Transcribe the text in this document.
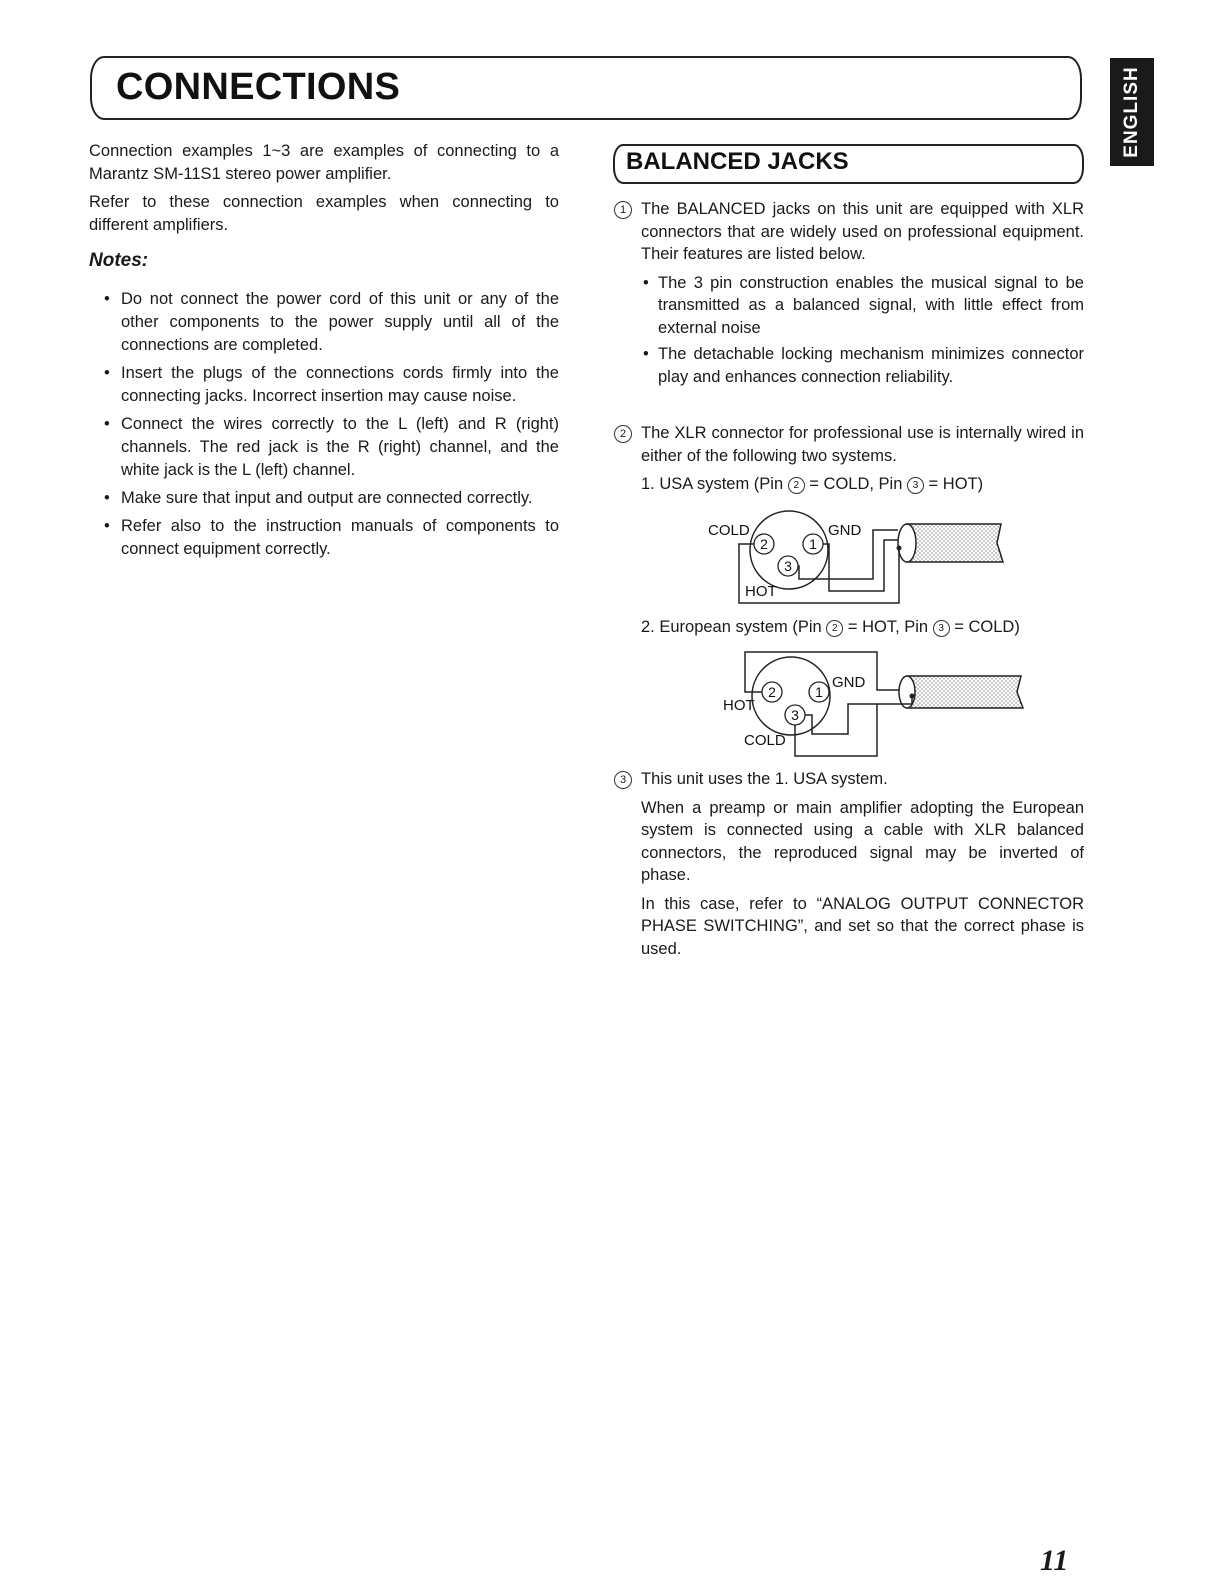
CONNECTIONS	ENGLISH

Connection examples 1~3 are examples of connecting to a Marantz SM-11S1 stereo power amplifier.

Refer to these connection examples when connecting to different amplifiers.

Notes:
• Do not connect the power cord of this unit or any of the other components to the power supply until all of the connections are completed.
• Insert the plugs of the connections cords firmly into the connecting jacks. Incorrect insertion may cause noise.
• Connect the wires correctly to the L (left) and R (right) channels. The red jack is the R (right) channel, and the white jack is the L (left) channel.
• Make sure that input and output are connected correctly.
• Refer also to the instruction manuals of components to connect equipment correctly.
BALANCED JACKS
1 The BALANCED jacks on this unit are equipped with XLR connectors that are widely used on professional equipment. Their features are listed below.

• The 3 pin construction enables the musical signal to be transmitted as a balanced signal, with little effect from external noise
• The detachable locking mechanism minimizes connector play and enhances connection reliability.
2 The XLR connector for professional use is internally wired in either of the following two systems.

1. USA system (Pin 2 = COLD, Pin 3 = HOT)

2	1
3
COLD	GND
HOT

2. European system (Pin 2 = HOT, Pin 3 = COLD)

2	1
3
HOT
GND
COLD
3 This unit uses the 1. USA system.

When a preamp or main amplifier adopting the European system is connected using a cable with XLR balanced connectors, the reproduced signal may be inverted of phase.

In this case, refer to “ANALOG OUTPUT CONNECTOR PHASE SWITCHING”, and set so that the correct phase is used.

11
